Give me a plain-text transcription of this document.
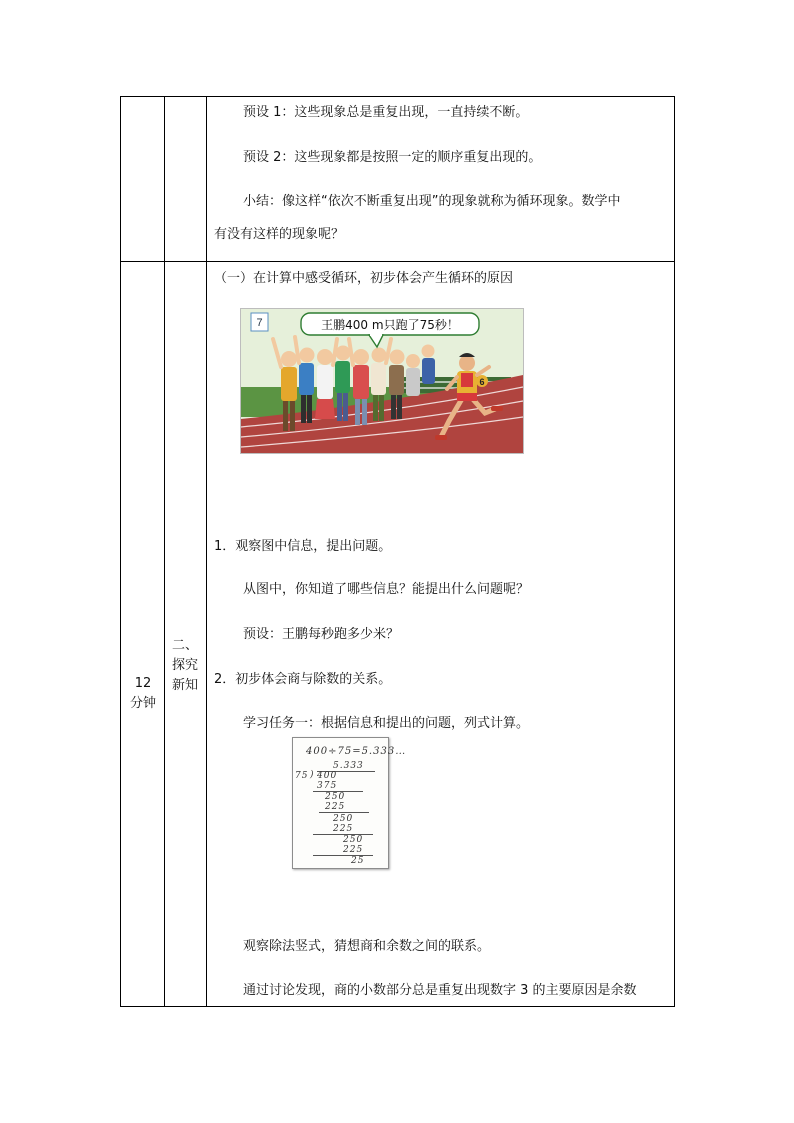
预设 1：这些现象总是重复出现，一直持续不断。
预设 2：这些现象都是按照一定的顺序重复出现的。
小结：像这样“依次不断重复出现”的现象就称为循环现象。数学中
有没有这样的现象呢？
12
分钟
二、
探究
新知
（一）在计算中感受循环，初步体会产生循环的原因
6
7	王鹏400 m只跑了75秒！
1．观察图中信息，提出问题。
从图中，你知道了哪些信息？能提出什么问题呢？
预设：王鹏每秒跑多少米？
2．初步体会商与除数的关系。
学习任务一：根据信息和提出的问题，列式计算。
400÷75=5.333…
5.333
75 ) 400
375
250
225
250
225
250
225
25
观察除法竖式，猜想商和余数之间的联系。
通过讨论发现，商的小数部分总是重复出现数字 3 的主要原因是余数
